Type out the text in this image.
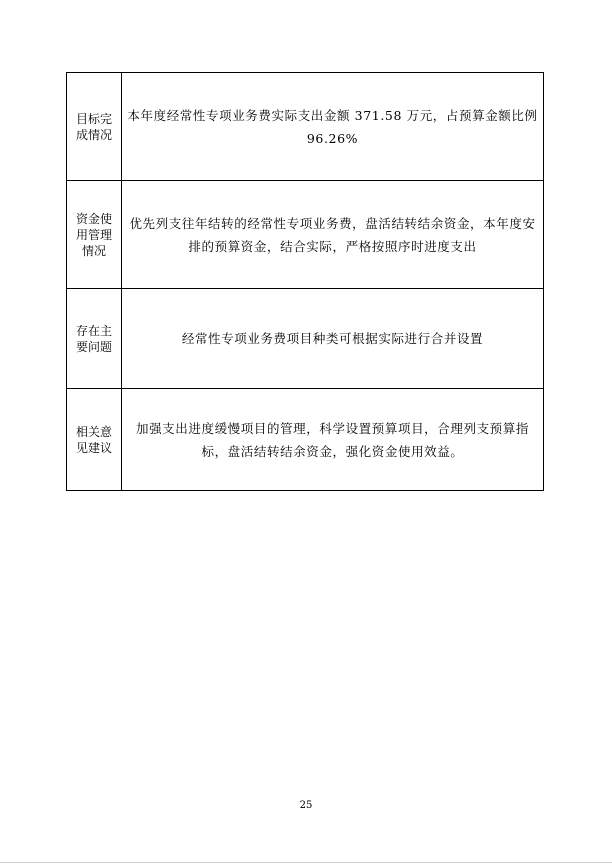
目标完成情况	本年度经常性专项业务费实际支出金额 371.58 万元，占预算金额比例 96.26%

资金使用管理情况	优先列支往年结转的经常性专项业务费，盘活结转结余资金，本年度安排的预算资金，结合实际，严格按照序时进度支出

存在主要问题	经常性专项业务费项目种类可根据实际进行合并设置

相关意见建议	加强支出进度缓慢项目的管理，科学设置预算项目，合理列支预算指标，盘活结转结余资金，强化资金使用效益。
25
